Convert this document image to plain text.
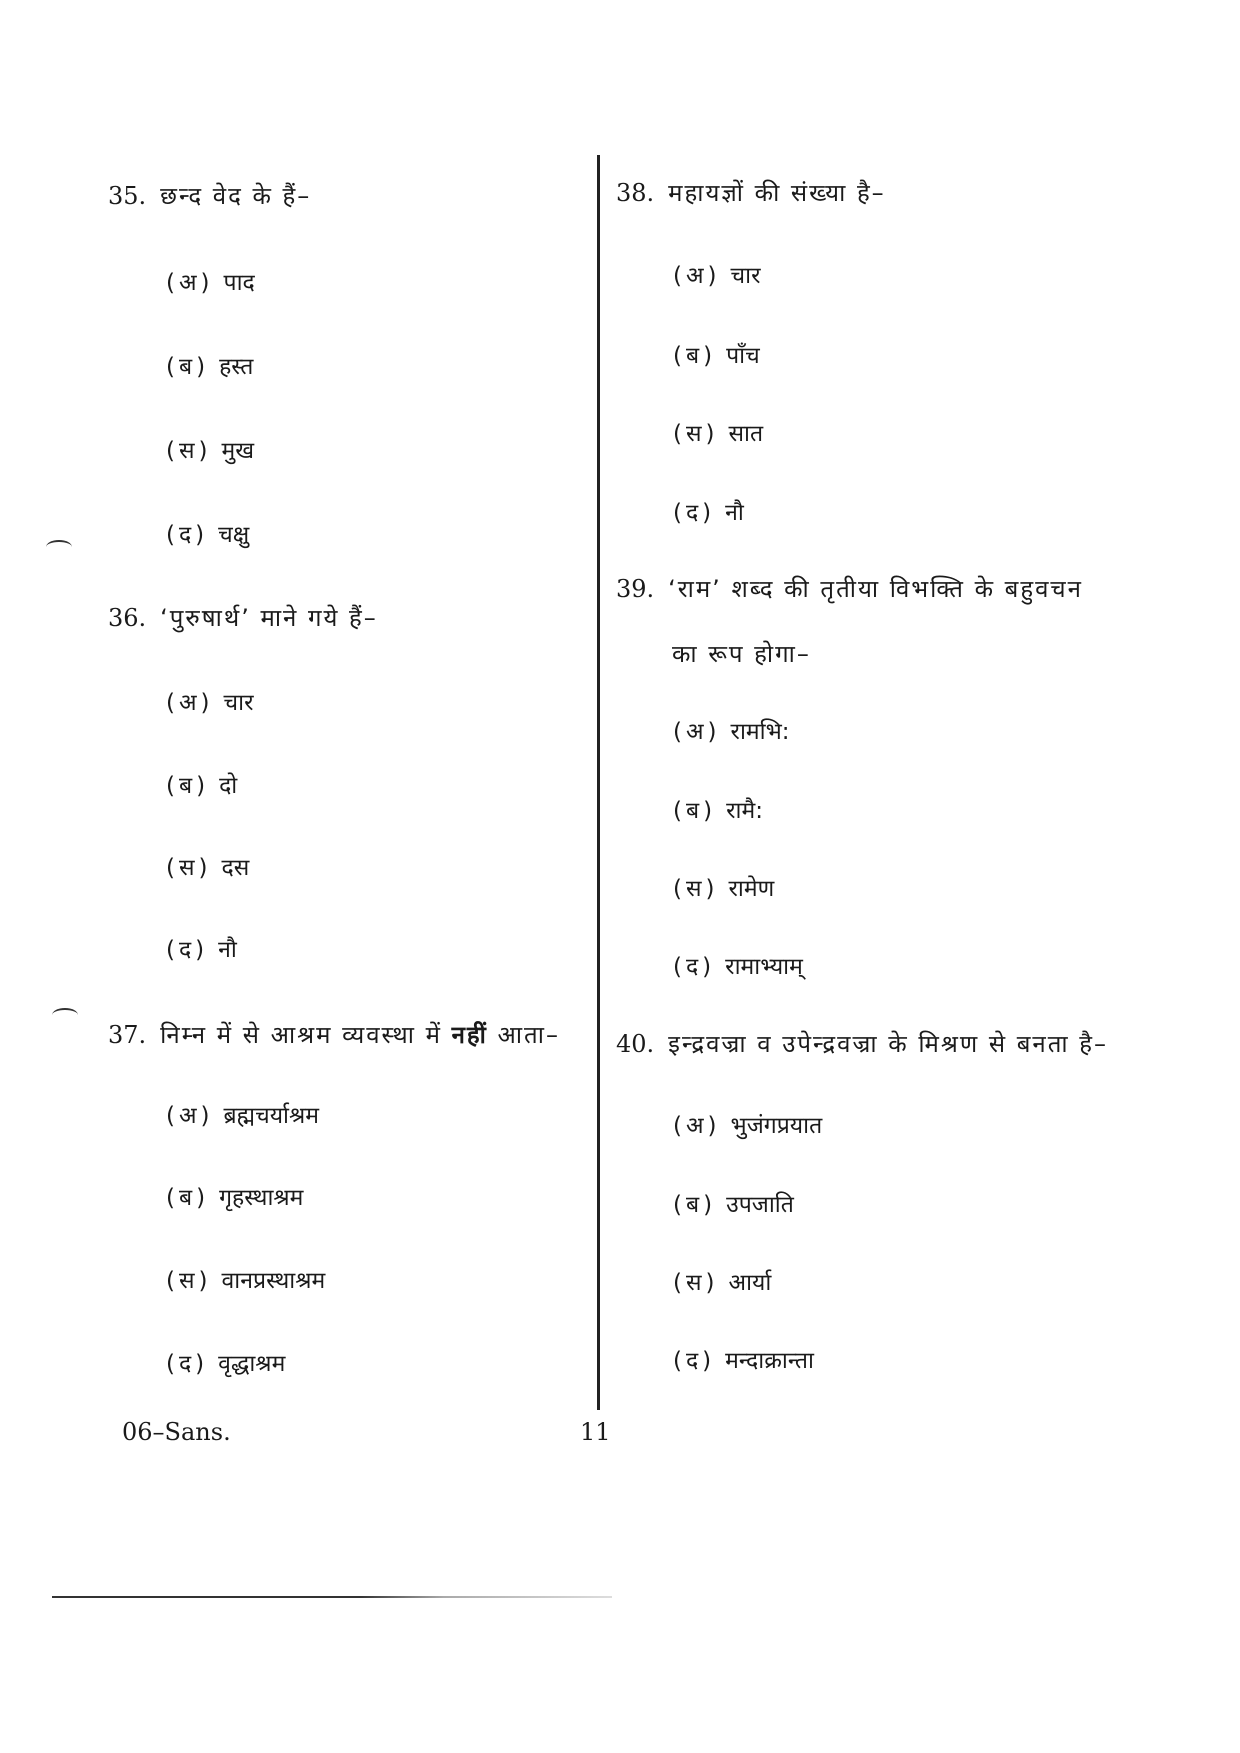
35. छन्द वेद के हैं–
(अ) पाद
(ब) हस्त
(स) मुख
(द) चक्षु
36. ‘पुरुषार्थ’ माने गये हैं–
(अ) चार
(ब) दो
(स) दस
(द) नौ
37. निम्न में से आश्रम व्यवस्था में नहीं आता–
(अ) ब्रह्मचर्याश्रम
(ब) गृहस्थाश्रम
(स) वानप्रस्थाश्रम
(द) वृद्धाश्रम
38. महायज्ञों की संख्या है–
(अ) चार
(ब) पाँच
(स) सात
(द) नौ
39. ‘राम’ शब्द की तृतीया विभक्ति के बहुवचन
का रूप होगा–
(अ) रामभि:
(ब) रामै:
(स) रामेण
(द) रामाभ्याम्
40. इन्द्रवज्रा व उपेन्द्रवज्रा के मिश्रण से बनता है–
(अ) भुजंगप्रयात
(ब) उपजाति
(स) आर्या
(द) मन्दाक्रान्ता
06–Sans.	11
